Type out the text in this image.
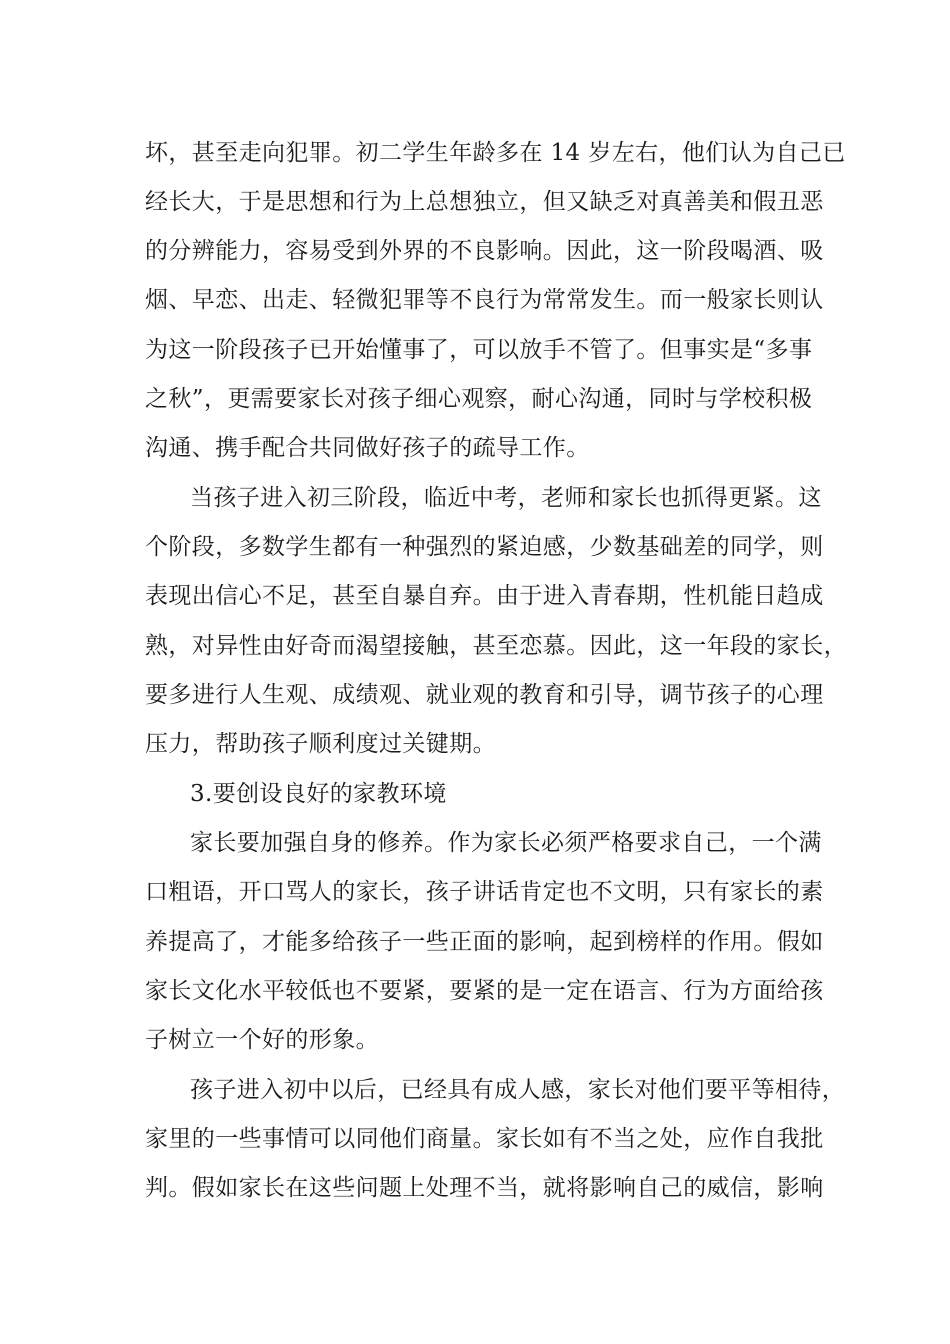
坏，甚至走向犯罪。初二学生年龄多在 14 岁左右，他们认为自己已
经长大，于是思想和行为上总想独立，但又缺乏对真善美和假丑恶
的分辨能力，容易受到外界的不良影响。因此，这一阶段喝酒、吸
烟、早恋、出走、轻微犯罪等不良行为常常发生。而一般家长则认
为这一阶段孩子已开始懂事了，可以放手不管了。但事实是“多事
之秋”，更需要家长对孩子细心观察，耐心沟通，同时与学校积极
沟通、携手配合共同做好孩子的疏导工作。
当孩子进入初三阶段，临近中考，老师和家长也抓得更紧。这
个阶段，多数学生都有一种强烈的紧迫感，少数基础差的同学，则
表现出信心不足，甚至自暴自弃。由于进入青春期，性机能日趋成
熟，对异性由好奇而渴望接触，甚至恋慕。因此，这一年段的家长，
要多进行人生观、成绩观、就业观的教育和引导，调节孩子的心理
压力，帮助孩子顺利度过关键期。
3.要创设良好的家教环境
家长要加强自身的修养。作为家长必须严格要求自己，一个满
口粗语，开口骂人的家长，孩子讲话肯定也不文明，只有家长的素
养提高了，才能多给孩子一些正面的影响，起到榜样的作用。假如
家长文化水平较低也不要紧，要紧的是一定在语言、行为方面给孩
子树立一个好的形象。
孩子进入初中以后，已经具有成人感，家长对他们要平等相待，
家里的一些事情可以同他们商量。家长如有不当之处，应作自我批
判。假如家长在这些问题上处理不当，就将影响自己的威信，影响
